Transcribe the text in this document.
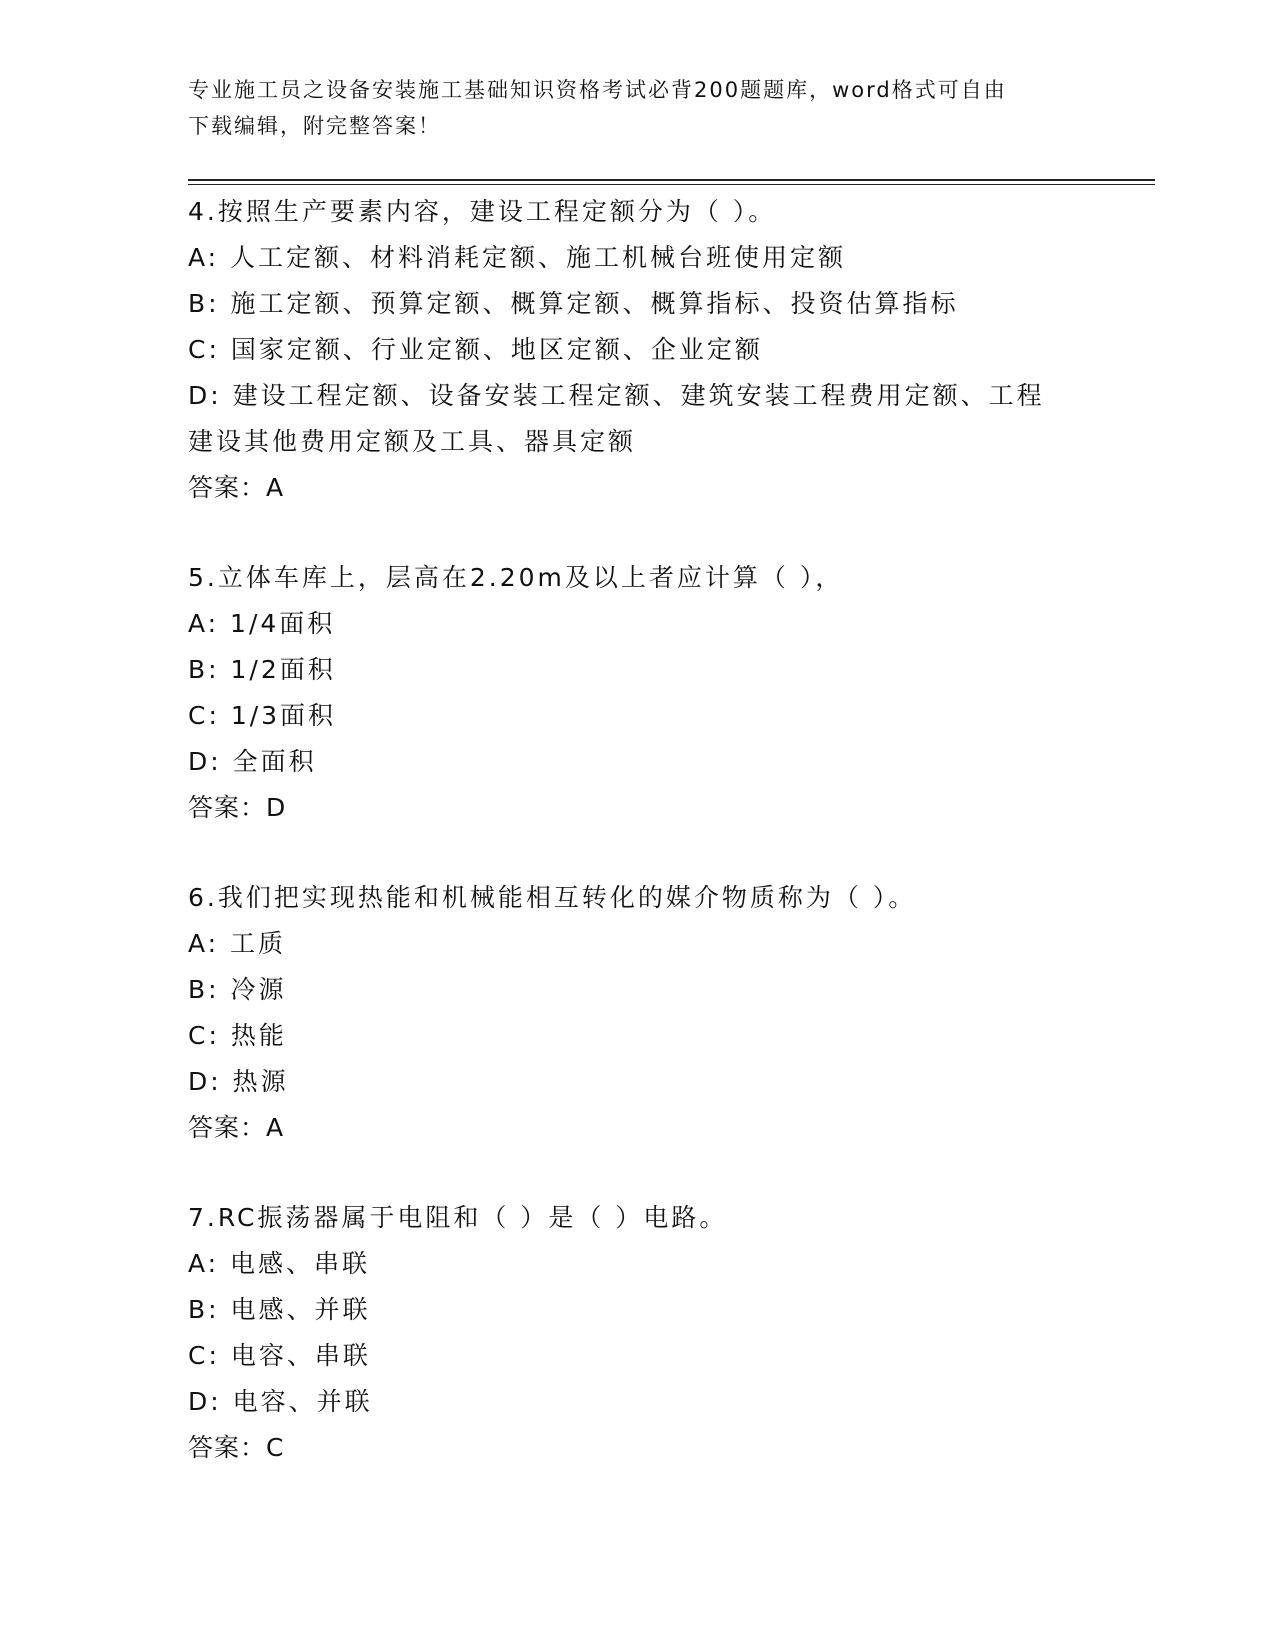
专业施工员之设备安装施工基础知识资格考试必背200题题库，word格式可自由
下载编辑，附完整答案！
4.按照生产要素内容，建设工程定额分为（ ）。
A: 人工定额、材料消耗定额、施工机械台班使用定额
B: 施工定额、预算定额、概算定额、概算指标、投资估算指标
C: 国家定额、行业定额、地区定额、企业定额
D: 建设工程定额、设备安装工程定额、建筑安装工程费用定额、工程
建设其他费用定额及工具、器具定额
答案：A
5.立体车库上，层高在2.20m及以上者应计算（ ），
A: 1/4面积
B: 1/2面积
C: 1/3面积
D: 全面积
答案：D
6.我们把实现热能和机械能相互转化的媒介物质称为（ ）。
A: 工质
B: 冷源
C: 热能
D: 热源
答案：A
7.RC振荡器属于电阻和（ ）是（ ）电路。
A: 电感、串联
B: 电感、并联
C: 电容、串联
D: 电容、并联
答案：C
